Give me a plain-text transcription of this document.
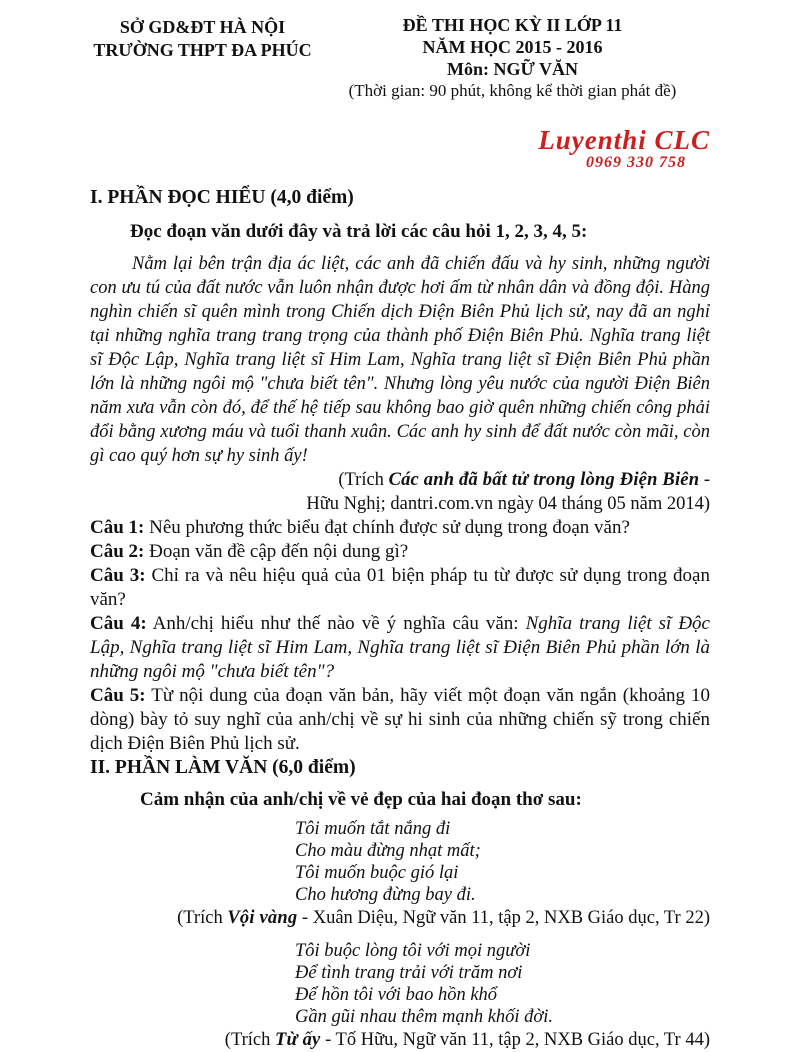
SỞ GD&ĐT HÀ NỘI
TRƯỜNG THPT ĐA PHÚC
ĐỀ THI HỌC KỲ II LỚP 11
NĂM HỌC 2015 - 2016
Môn: NGỮ VĂN
(Thời gian: 90 phút, không kể thời gian phát đề)
Luyenthi CLC
0969 330 758
I. PHẦN ĐỌC HIỂU (4,0 điểm)
Đọc đoạn văn dưới đây và trả lời các câu hỏi 1, 2, 3, 4, 5:

Nằm lại bên trận địa ác liệt, các anh đã chiến đấu và hy sinh, những người con ưu tú của đất nước vẫn luôn nhận được hơi ấm từ nhân dân và đồng đội. Hàng nghìn chiến sĩ quên mình trong Chiến dịch Điện Biên Phủ lịch sử, nay đã an nghỉ tại những nghĩa trang trang trọng của thành phố Điện Biên Phủ. Nghĩa trang liệt sĩ Độc Lập, Nghĩa trang liệt sĩ Him Lam, Nghĩa trang liệt sĩ Điện Biên Phủ phần lớn là những ngôi mộ "chưa biết tên". Nhưng lòng yêu nước của người Điện Biên năm xưa vẫn còn đó, để thế hệ tiếp sau không bao giờ quên những chiến công phải đổi bằng xương máu và tuổi thanh xuân. Các anh hy sinh để đất nước còn mãi, còn gì cao quý hơn sự hy sinh ấy!

(Trích Các anh đã bất tử trong lòng Điện Biên -

Hữu Nghị; dantri.com.vn ngày 04 tháng 05 năm 2014)

Câu 1: Nêu phương thức biểu đạt chính được sử dụng trong đoạn văn?

Câu 2: Đoạn văn đề cập đến nội dung gì?

Câu 3: Chỉ ra và nêu hiệu quả của 01 biện pháp tu từ được sử dụng trong đoạn văn?

Câu 4: Anh/chị hiểu như thế nào về ý nghĩa câu văn: Nghĩa trang liệt sĩ Độc Lập, Nghĩa trang liệt sĩ Him Lam, Nghĩa trang liệt sĩ Điện Biên Phủ phần lớn là những ngôi mộ "chưa biết tên"?

Câu 5: Từ nội dung của đoạn văn bản, hãy viết một đoạn văn ngắn (khoảng 10 dòng) bày tỏ suy nghĩ của anh/chị về sự hi sinh của những chiến sỹ trong chiến dịch Điện Biên Phủ lịch sử.

II. PHẦN LÀM VĂN (6,0 điểm)
Cảm nhận của anh/chị về vẻ đẹp của hai đoạn thơ sau:
Tôi muốn tắt nắng đi
Cho màu đừng nhạt mất;
Tôi muốn buộc gió lại
Cho hương đừng bay đi.

(Trích Vội vàng - Xuân Diệu, Ngữ văn 11, tập 2, NXB Giáo dục, Tr 22)

Tôi buộc lòng tôi với mọi người
Để tình trang trải với trăm nơi
Để hồn tôi với bao hồn khổ
Gần gũi nhau thêm mạnh khối đời.

(Trích Từ ấy - Tố Hữu, Ngữ văn 11, tập 2, NXB Giáo dục, Tr 44)
